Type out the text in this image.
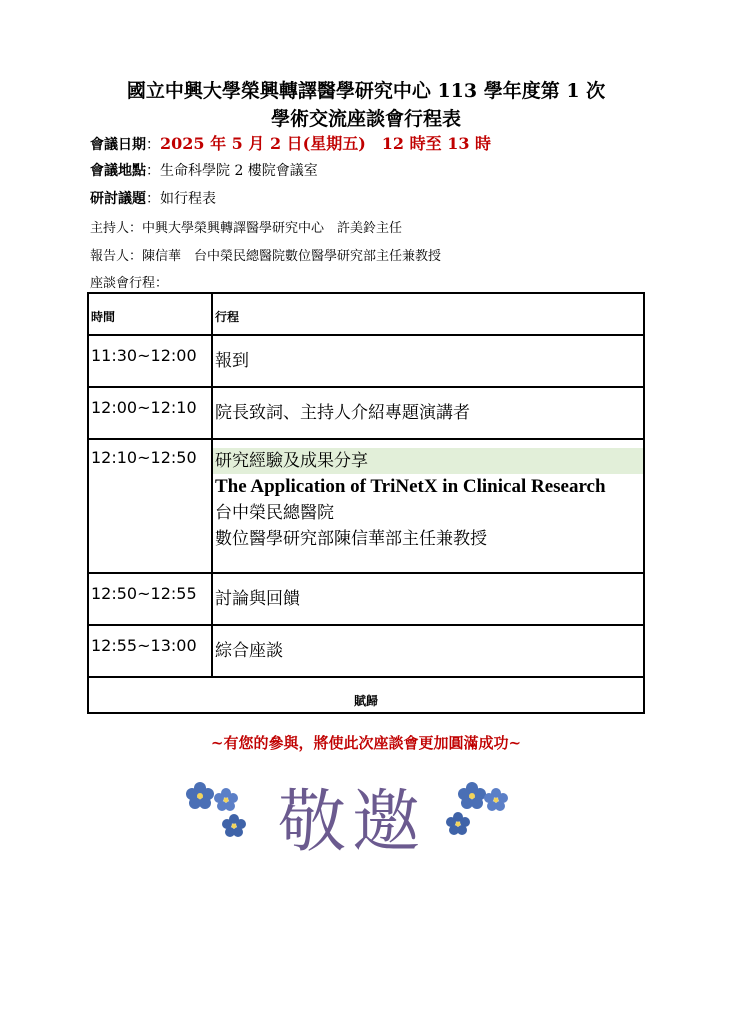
國立中興大學榮興轉譯醫學研究中心 113 學年度第 1 次
學術交流座談會行程表
會議日期：2025 年 5 月 2 日(星期五)　12 時至 13 時
會議地點：生命科學院 2 樓院會議室
研討議題：如行程表
主持人：中興大學榮興轉譯醫學研究中心　許美鈴主任
報告人：陳信華　台中榮民總醫院數位醫學研究部主任兼教授
座談會行程：
時間	行程
11:30~12:00	報到
12:00~12:10	院長致詞、主持人介紹專題演講者
12:10~12:50	研究經驗及成果分享
The Application of TriNetX in Clinical Research
台中榮民總醫院
數位醫學研究部陳信華部主任兼教授

12:50~12:55	討論與回饋
12:55~13:00	綜合座談
賦歸	
~有您的參與，將使此次座談會更加圓滿成功~
敬邀
